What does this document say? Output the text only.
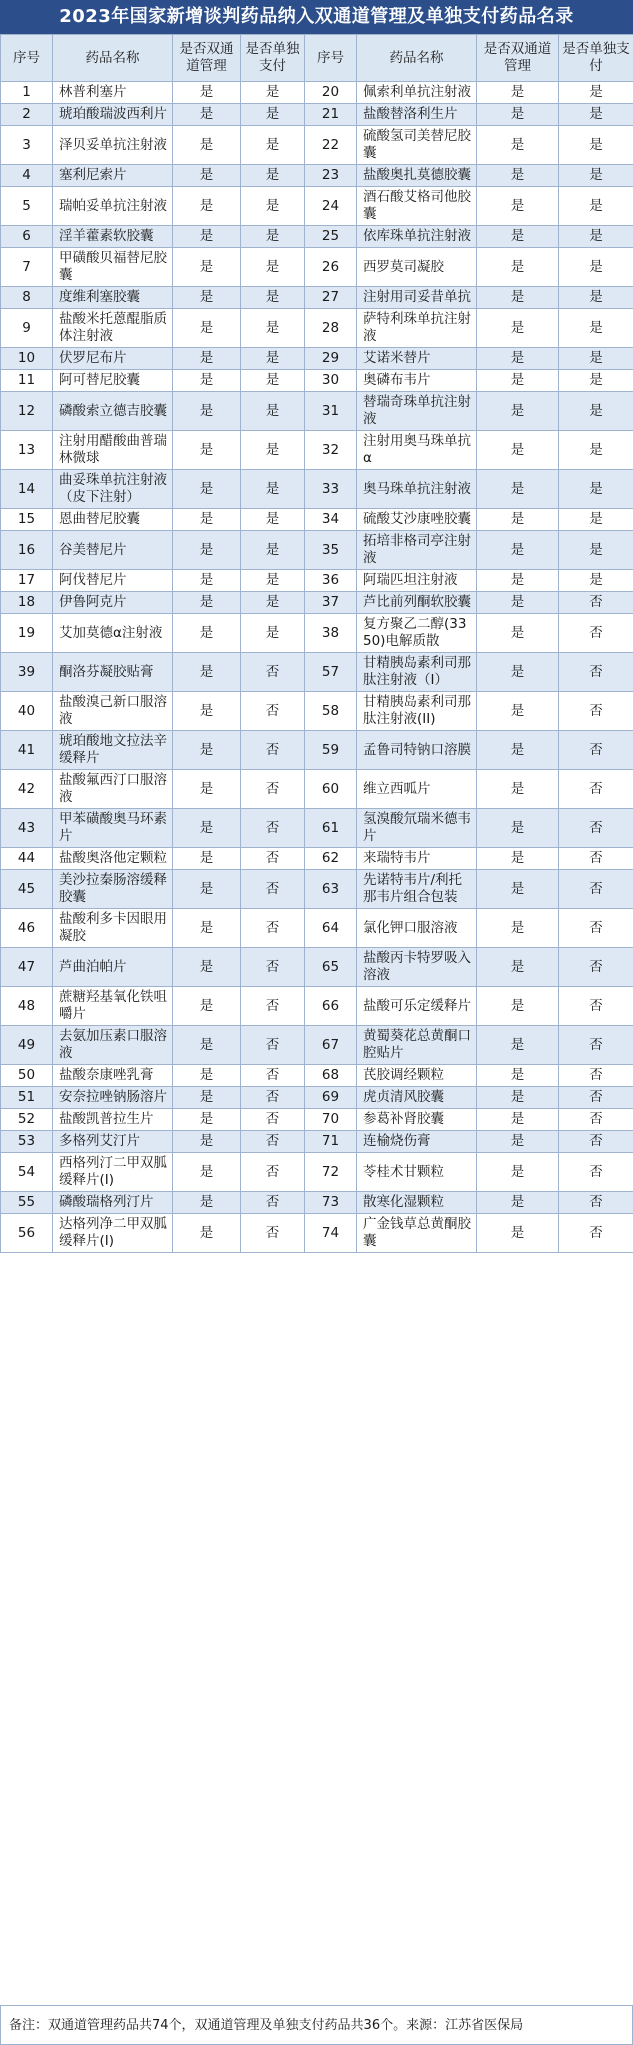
2023年国家新增谈判药品纳入双通道管理及单独支付药品名录
序号	药品名称	是否双通道管理	是否单独支付	序号	药品名称	是否双通道管理	是否单独支付
1	林普利塞片	是	是	20	佩索利单抗注射液	是	是
2	琥珀酸瑞波西利片	是	是	21	盐酸替洛利生片	是	是
3	泽贝妥单抗注射液	是	是	22	硫酸氢司美替尼胶囊	是	是
4	塞利尼索片	是	是	23	盐酸奥扎莫德胶囊	是	是
5	瑞帕妥单抗注射液	是	是	24	酒石酸艾格司他胶囊	是	是
6	淫羊藿素软胶囊	是	是	25	依库珠单抗注射液	是	是
7	甲磺酸贝福替尼胶囊	是	是	26	西罗莫司凝胶	是	是
8	度维利塞胶囊	是	是	27	注射用司妥昔单抗	是	是
9	盐酸米托蒽醌脂质体注射液	是	是	28	萨特利珠单抗注射液	是	是
10	伏罗尼布片	是	是	29	艾诺米替片	是	是
11	阿可替尼胶囊	是	是	30	奥磷布韦片	是	是
12	磷酸索立德吉胶囊	是	是	31	替瑞奇珠单抗注射液	是	是
13	注射用醋酸曲普瑞林微球	是	是	32	注射用奥马珠单抗α	是	是
14	曲妥珠单抗注射液（皮下注射）	是	是	33	奥马珠单抗注射液	是	是
15	恩曲替尼胶囊	是	是	34	硫酸艾沙康唑胶囊	是	是
16	谷美替尼片	是	是	35	拓培非格司亭注射液	是	是
17	阿伐替尼片	是	是	36	阿瑞匹坦注射液	是	是
18	伊鲁阿克片	是	是	37	芦比前列酮软胶囊	是	否
19	艾加莫德α注射液	是	是	38	复方聚乙二醇(3350)电解质散	是	否
39	酮洛芬凝胶贴膏	是	否	57	甘精胰岛素利司那肽注射液（I）	是	否
40	盐酸溴己新口服溶液	是	否	58	甘精胰岛素利司那肽注射液(II)	是	否
41	琥珀酸地文拉法辛缓释片	是	否	59	孟鲁司特钠口溶膜	是	否
42	盐酸氟西汀口服溶液	是	否	60	维立西呱片	是	否
43	甲苯磺酸奥马环素片	是	否	61	氢溴酸氘瑞米德韦片	是	否
44	盐酸奥洛他定颗粒	是	否	62	来瑞特韦片	是	否
45	美沙拉秦肠溶缓释胶囊	是	否	63	先诺特韦片/利托那韦片组合包装	是	否
46	盐酸利多卡因眼用凝胶	是	否	64	氯化钾口服溶液	是	否
47	芦曲泊帕片	是	否	65	盐酸丙卡特罗吸入溶液	是	否
48	蔗糖羟基氧化铁咀嚼片	是	否	66	盐酸可乐定缓释片	是	否
49	去氨加压素口服溶液	是	否	67	黄蜀葵花总黄酮口腔贴片	是	否
50	盐酸奈康唑乳膏	是	否	68	芪胶调经颗粒	是	否
51	安奈拉唑钠肠溶片	是	否	69	虎贞清风胶囊	是	否
52	盐酸凯普拉生片	是	否	70	参葛补肾胶囊	是	否
53	多格列艾汀片	是	否	71	连榆烧伤膏	是	否
54	西格列汀二甲双胍缓释片(I)	是	否	72	苓桂术甘颗粒	是	否
55	磷酸瑞格列汀片	是	否	73	散寒化湿颗粒	是	否
56	达格列净二甲双胍缓释片(I)	是	否	74	广金钱草总黄酮胶囊	是	否
备注：双通道管理药品共74个，双通道管理及单独支付药品共36个。来源：江苏省医保局
